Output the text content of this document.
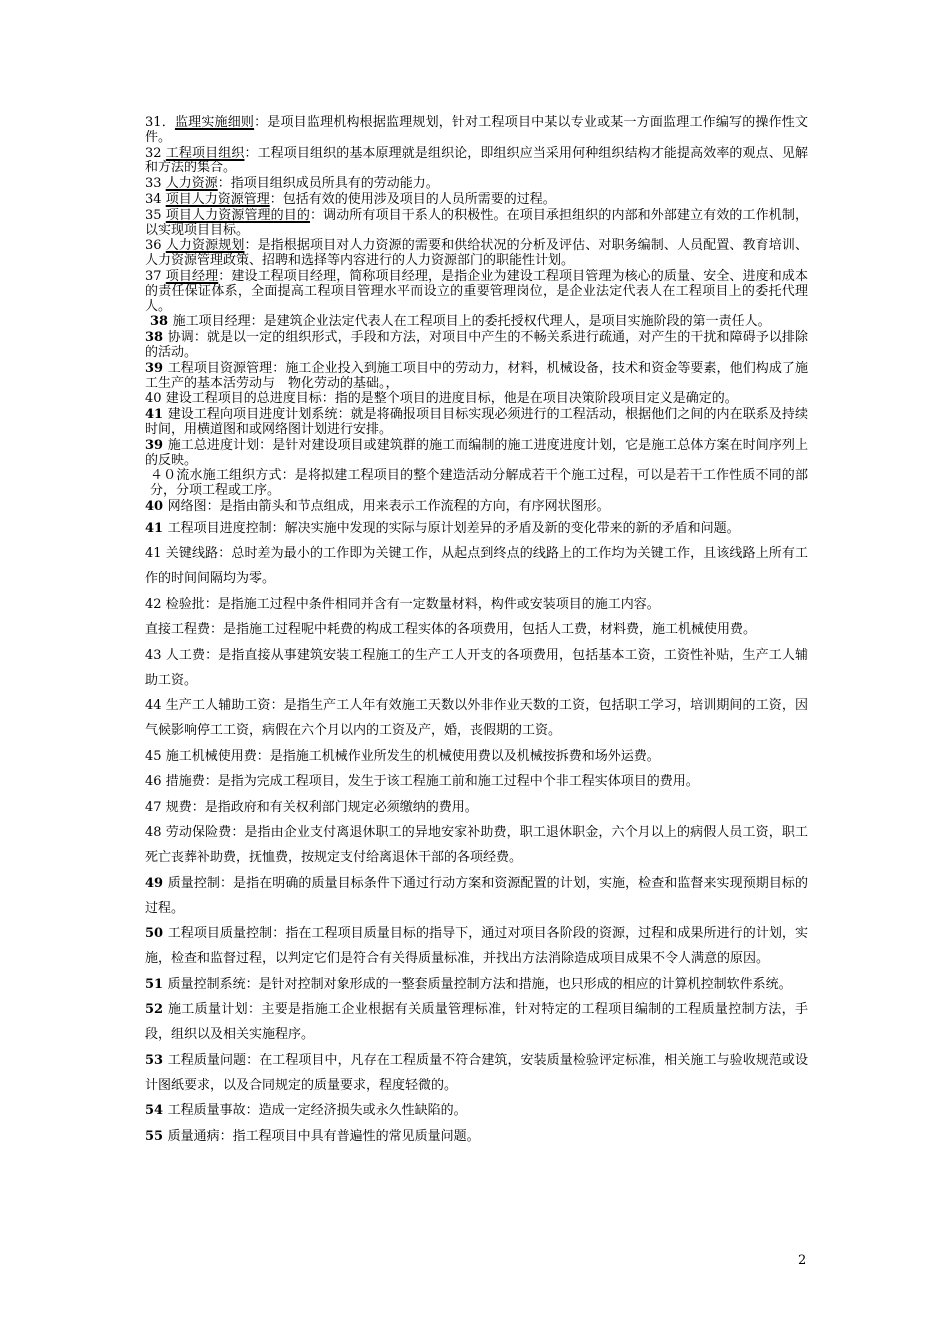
31．监理实施细则：是项目监理机构根据监理规划，针对工程项目中某以专业或某一方面监理工作编写的操作性文件。

32 工程项目组织：工程项目组织的基本原理就是组织论，即组织应当采用何种组织结构才能提高效率的观点、见解和方法的集合。

33 人力资源：指项目组织成员所具有的劳动能力。

34 项目人力资源管理：包括有效的使用涉及项目的人员所需要的过程。

35 项目人力资源管理的目的：调动所有项目干系人的积极性。在项目承担组织的内部和外部建立有效的工作机制，以实现项目目标。

36 人力资源规划：是指根据项目对人力资源的需要和供给状况的分析及评估、对职务编制、人员配置、教育培训、人力资源管理政策、招聘和选择等内容进行的人力资源部门的职能性计划。

37 项目经理：建设工程项目经理，简称项目经理，是指企业为建设工程项目管理为核心的质量、安全、进度和成本的责任保证体系，全面提高工程项目管理水平而设立的重要管理岗位，是企业法定代表人在工程项目上的委托代理人。

38 施工项目经理：是建筑企业法定代表人在工程项目上的委托授权代理人，是项目实施阶段的第一责任人。

38 协调：就是以一定的组织形式，手段和方法，对项目中产生的不畅关系进行疏通，对产生的干扰和障碍予以排除的活动。

39 工程项目资源管理：施工企业投入到施工项目中的劳动力，材料，机械设备，技术和资金等要素，他们构成了施工生产的基本活劳动与　物化劳动的基础。，

40 建设工程项目的总进度目标：指的是整个项目的进度目标，他是在项目决策阶段项目定义是确定的。

41 建设工程向项目进度计划系统：就是将确报项目目标实现必须进行的工程活动，根据他们之间的内在联系及持续时间，用横道图和或网络图计划进行安排。

39 施工总进度计划：是针对建设项目或建筑群的施工而编制的施工进度进度计划，它是施工总体方案在时间序列上的反映。

４０流水施工组织方式：是将拟建工程项目的整个建造活动分解成若干个施工过程，可以是若干工作性质不同的部分，分项工程或工序。

40 网络图：是指由箭头和节点组成，用来表示工作流程的方向，有序网状图形。

41 工程项目进度控制：解决实施中发现的实际与原计划差异的矛盾及新的变化带来的新的矛盾和问题。

41 关键线路：总时差为最小的工作即为关键工作，从起点到终点的线路上的工作均为关键工作，且该线路上所有工作的时间间隔均为零。

42 检验批：是指施工过程中条件相同并含有一定数量材料，构件或安装项目的施工内容。

直接工程费：是指施工过程呢中耗费的构成工程实体的各项费用，包括人工费，材料费，施工机械使用费。

43 人工费：是指直接从事建筑安装工程施工的生产工人开支的各项费用，包括基本工资，工资性补贴，生产工人辅助工资。

44 生产工人辅助工资：是指生产工人年有效施工天数以外非作业天数的工资，包括职工学习，培训期间的工资，因气候影响停工工资，病假在六个月以内的工资及产，婚，丧假期的工资。

45 施工机械使用费：是指施工机械作业所发生的机械使用费以及机械按拆费和场外运费。

46 措施费：是指为完成工程项目，发生于该工程施工前和施工过程中个非工程实体项目的费用。

47 规费：是指政府和有关权利部门规定必须缴纳的费用。

48 劳动保险费：是指由企业支付离退休职工的异地安家补助费，职工退休职金，六个月以上的病假人员工资，职工死亡丧葬补助费，抚恤费，按规定支付给离退休干部的各项经费。

49 质量控制：是指在明确的质量目标条件下通过行动方案和资源配置的计划，实施，检查和监督来实现预期目标的过程。

50 工程项目质量控制：指在工程项目质量目标的指导下，通过对项目各阶段的资源，过程和成果所进行的计划，实施，检查和监督过程，以判定它们是符合有关得质量标准，并找出方法消除造成项目成果不令人满意的原因。

51 质量控制系统：是针对控制对象形成的一整套质量控制方法和措施，也只形成的相应的计算机控制软件系统。

52 施工质量计划：主要是指施工企业根据有关质量管理标准，针对特定的工程项目编制的工程质量控制方法，手段，组织以及相关实施程序。

53 工程质量问题：在工程项目中，凡存在工程质量不符合建筑，安装质量检验评定标准，相关施工与验收规范或设计图纸要求，以及合同规定的质量要求，程度轻微的。

54 工程质量事故：造成一定经济损失或永久性缺陷的。

55 质量通病：指工程项目中具有普遍性的常见质量问题。

2
